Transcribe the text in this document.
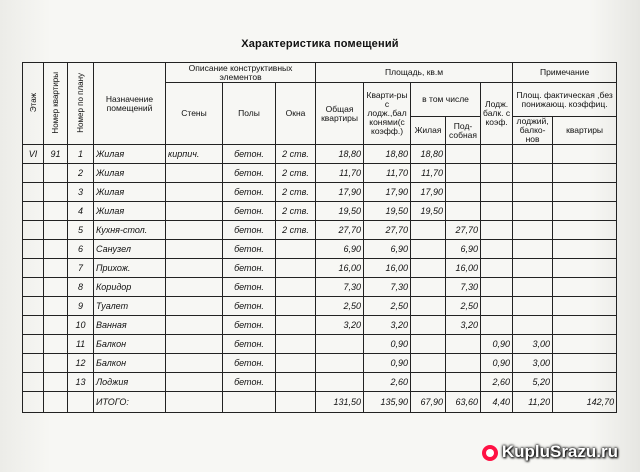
Характеристика помещений
Этаж	Номер квартиры	Номер по плану	Назначение помещений	Описание конструктивных элементов			Площадь, кв.м					Примечание	
				Стены	Полы	Окна	Общая квартиры	Кварти-ры с лодж.,бал конями(с коэфф.)	в том числе		Лодж. балк. с коэф.	Площ. фактическая ,без понижающ. коэффиц.	
									Жилая	Под-собная		лоджий, балко-нов	квартиры
VI	91	1	Жилая	кирпич.	бетон.	2 ств.	18,80	18,80	18,80				
		2	Жилая		бетон.	2 ств.	11,70	11,70	11,70				
		3	Жилая		бетон.	2 ств.	17,90	17,90	17,90				
		4	Жилая		бетон.	2 ств.	19,50	19,50	19,50				
		5	Кухня-стол.		бетон.	2 ств.	27,70	27,70		27,70			
		6	Санузел		бетон.		6,90	6,90		6,90			
		7	Прихож.		бетон.		16,00	16,00		16,00			
		8	Коридор		бетон.		7,30	7,30		7,30			
		9	Туалет		бетон.		2,50	2,50		2,50			
		10	Ванная		бетон.		3,20	3,20		3,20			
		11	Балкон		бетон.			0,90			0,90	3,00	
		12	Балкон		бетон.			0,90			0,90	3,00	
		13	Лоджия		бетон.			2,60			2,60	5,20	
			ИТОГО:				131,50	135,90	67,90	63,60	4,40	11,20	142,70
KupluSrazu.ru
